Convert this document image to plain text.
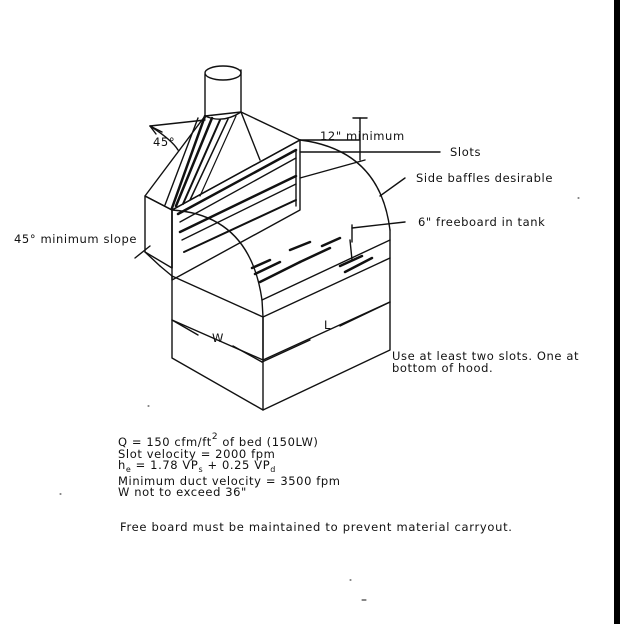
45°	12" minimum
Slots
Side baffles desirable
6" freeboard in tank
45° minimum slope
W
L
Use at least two slots. One at
bottom of hood.
Q = 150 cfm/$ft^2$ of bed (150LW)
Slot velocity = 2000 fpm
$h_e = 1.78$ $VP_s + 0.25$ $VP_d$
Minimum duct velocity = 3500 fpm
W not to exceed 36"
Free board must be maintained to prevent material carryout.
